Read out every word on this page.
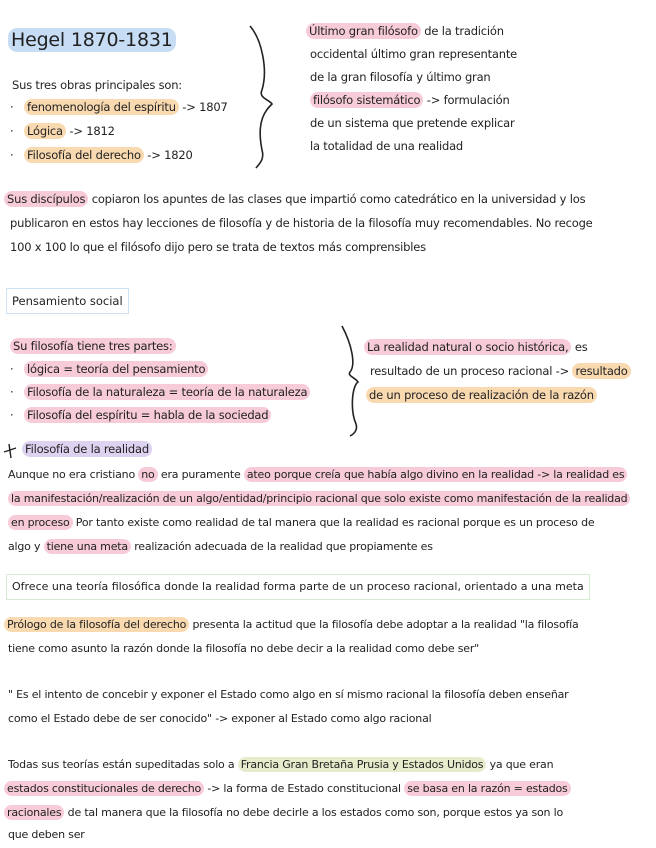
Hegel 1870-1831
Sus tres obras principales son:
· fenomenología del espíritu -> 1807
· Lógica -> 1812
· Filosofía del derecho -> 1820
Último gran filósofo de la tradición
occidental último gran representante
de la gran filosofía y último gran
filósofo sistemático -> formulación
de un sistema que pretende explicar
la totalidad de una realidad
Sus discípulos copiaron los apuntes de las clases que impartió como catedrático en la universidad y los
publicaron en estos hay lecciones de filosofía y de historia de la filosofía muy recomendables. No recoge
100 x 100 lo que el filósofo dijo pero se trata de textos más comprensibles
Pensamiento social
Su filosofía tiene tres partes:
· lógica = teoría del pensamiento
· Filosofía de la naturaleza = teoría de la naturaleza
· Filosofía del espíritu = habla de la sociedad
La realidad natural o socio histórica, es
resultado de un proceso racional -> resultado
de un proceso de realización de la razón
Filosofía de la realidad
Aunque no era cristiano no era puramente ateo porque creía que había algo divino en la realidad -> la realidad es
la manifestación/realización de un algo/entidad/principio racional que solo existe como manifestación de la realidad
en proceso Por tanto existe como realidad de tal manera que la realidad es racional porque es un proceso de
algo y tiene una meta realización adecuada de la realidad que propiamente es
Ofrece una teoría filosófica donde la realidad forma parte de un proceso racional, orientado a una meta
Prólogo de la filosofía del derecho presenta la actitud que la filosofía debe adoptar a la realidad "la filosofía
tiene como asunto la razón donde la filosofía no debe decir a la realidad como debe ser"
" Es el intento de concebir y exponer el Estado como algo en sí mismo racional la filosofía deben enseñar
como el Estado debe de ser conocido" -> exponer al Estado como algo racional
Todas sus teorías están supeditadas solo a Francia Gran Bretaña Prusia y Estados Unidos ya que eran
estados constitucionales de derecho -> la forma de Estado constitucional se basa en la razón = estados
racionales de tal manera que la filosofía no debe decirle a los estados como son, porque estos ya son lo
que deben ser
